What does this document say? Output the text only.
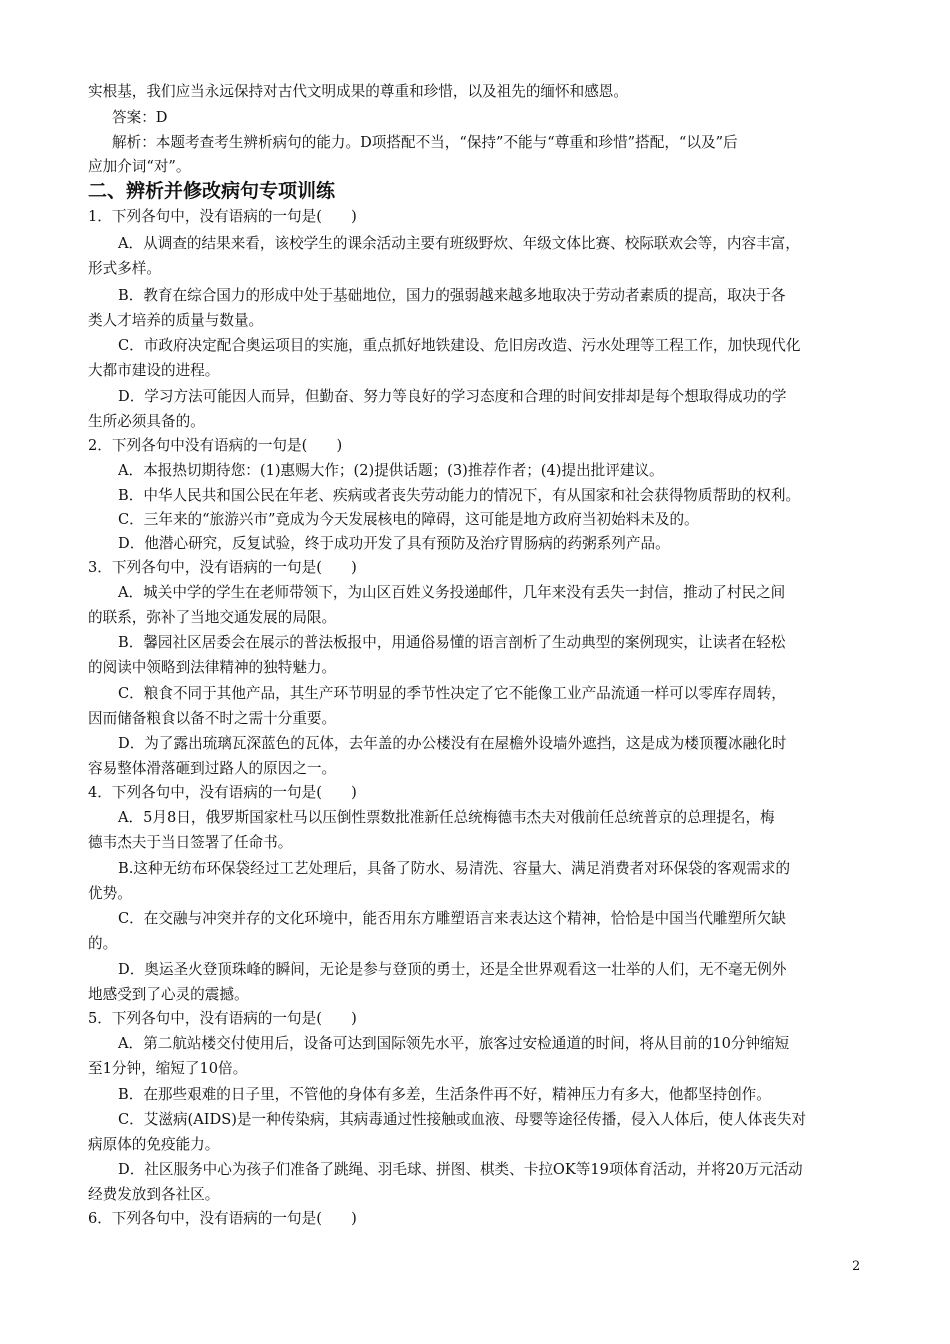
实根基，我们应当永远保持对古代文明成果的尊重和珍惜，以及祖先的缅怀和感恩。
答案：D
解析：本题考查考生辨析病句的能力。D项搭配不当，“保持”不能与“尊重和珍惜”搭配，“以及”后
应加介词“对”。
二、辨析并修改病句专项训练
1．下列各句中，没有语病的一句是(　　)
A．从调查的结果来看，该校学生的课余活动主要有班级野炊、年级文体比赛、校际联欢会等，内容丰富，
形式多样。
B．教育在综合国力的形成中处于基础地位，国力的强弱越来越多地取决于劳动者素质的提高，取决于各
类人才培养的质量与数量。
C．市政府决定配合奥运项目的实施，重点抓好地铁建设、危旧房改造、污水处理等工程工作，加快现代化
大都市建设的进程。
D．学习方法可能因人而异，但勤奋、努力等良好的学习态度和合理的时间安排却是每个想取得成功的学
生所必须具备的。
2．下列各句中没有语病的一句是(　　)
A．本报热切期待您：(1)惠赐大作；(2)提供话题；(3)推荐作者；(4)提出批评建议。
B．中华人民共和国公民在年老、疾病或者丧失劳动能力的情况下，有从国家和社会获得物质帮助的权利。
C．三年来的“旅游兴市”竟成为今天发展核电的障碍，这可能是地方政府当初始料未及的。
D．他潜心研究，反复试验，终于成功开发了具有预防及治疗胃肠病的药粥系列产品。
3．下列各句中，没有语病的一句是(　　)
A．城关中学的学生在老师带领下，为山区百姓义务投递邮件，几年来没有丢失一封信，推动了村民之间
的联系，弥补了当地交通发展的局限。
B．馨园社区居委会在展示的普法板报中，用通俗易懂的语言剖析了生动典型的案例现实，让读者在轻松
的阅读中领略到法律精神的独特魅力。
C．粮食不同于其他产品，其生产环节明显的季节性决定了它不能像工业产品流通一样可以零库存周转，
因而储备粮食以备不时之需十分重要。
D．为了露出琉璃瓦深蓝色的瓦体，去年盖的办公楼没有在屋檐外设墙外遮挡，这是成为楼顶覆冰融化时
容易整体滑落砸到过路人的原因之一。
4．下列各句中，没有语病的一句是(　　)
A．5月8日，俄罗斯国家杜马以压倒性票数批准新任总统梅德韦杰夫对俄前任总统普京的总理提名，梅
德韦杰夫于当日签署了任命书。
B.这种无纺布环保袋经过工艺处理后，具备了防水、易清洗、容量大、满足消费者对环保袋的客观需求的
优势。
C．在交融与冲突并存的文化环境中，能否用东方雕塑语言来表达这个精神，恰恰是中国当代雕塑所欠缺
的。
D．奥运圣火登顶珠峰的瞬间，无论是参与登顶的勇士，还是全世界观看这一壮举的人们，无不毫无例外
地感受到了心灵的震撼。
5．下列各句中，没有语病的一句是(　　)
A．第二航站楼交付使用后，设备可达到国际领先水平，旅客过安检通道的时间，将从目前的10分钟缩短
至1分钟，缩短了10倍。
B．在那些艰难的日子里，不管他的身体有多差，生活条件再不好，精神压力有多大，他都坚持创作。
C．艾滋病(AIDS)是一种传染病，其病毒通过性接触或血液、母婴等途径传播，侵入人体后，使人体丧失对
病原体的免疫能力。
D．社区服务中心为孩子们准备了跳绳、羽毛球、拼图、棋类、卡拉OK等19项体育活动，并将20万元活动
经费发放到各社区。
6．下列各句中，没有语病的一句是(　　)
2
